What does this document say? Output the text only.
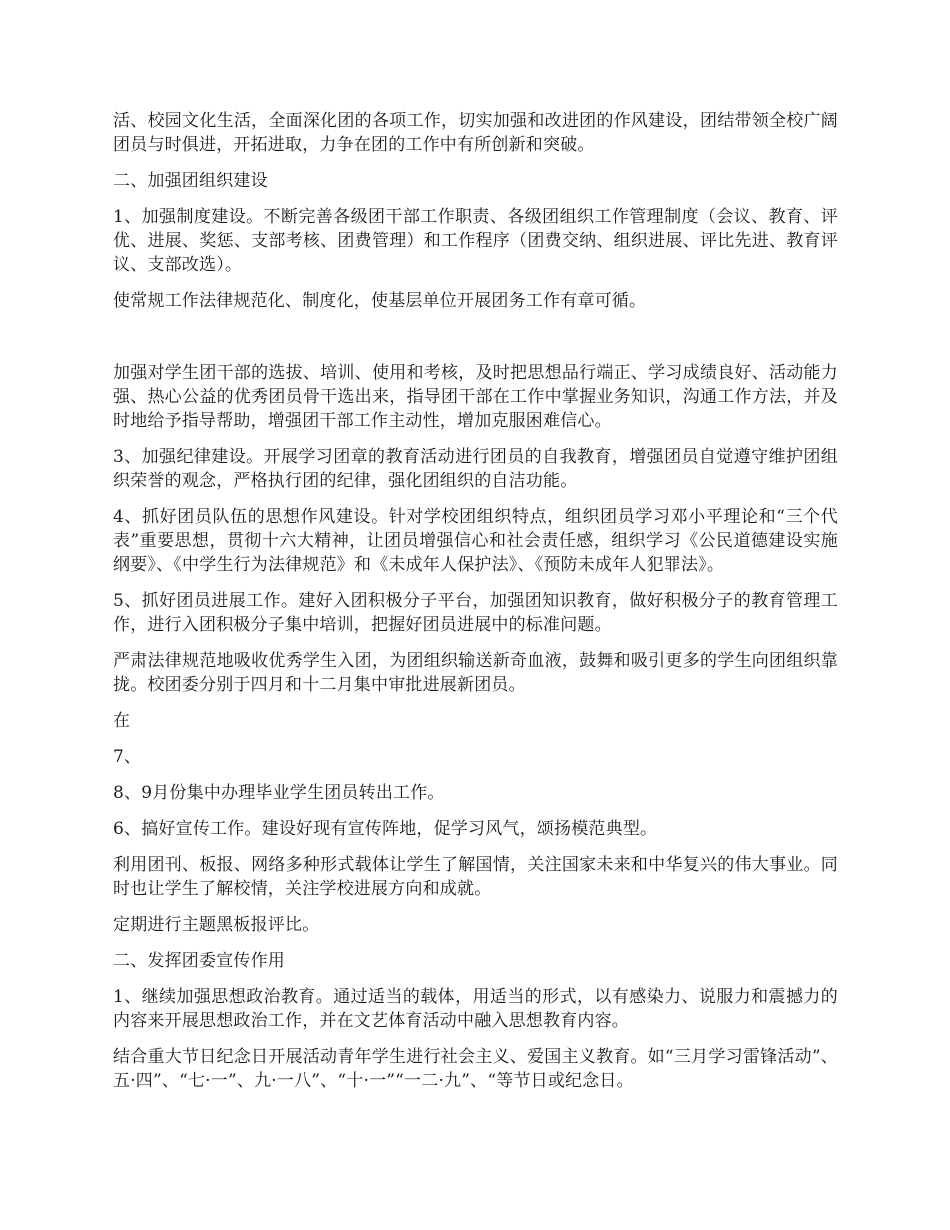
活、校园文化生活，全面深化团的各项工作，切实加强和改进团的作风建设，团结带领全校广阔团员与时俱进，开拓进取，力争在团的工作中有所创新和突破。

二、加强团组织建设

1、加强制度建设。不断完善各级团干部工作职责、各级团组织工作管理制度（会议、教育、评优、进展、奖惩、支部考核、团费管理）和工作程序（团费交纳、组织进展、评比先进、教育评议、支部改选）。

使常规工作法律规范化、制度化，使基层单位开展团务工作有章可循。

加强对学生团干部的选拔、培训、使用和考核，及时把思想品行端正、学习成绩良好、活动能力强、热心公益的优秀团员骨干选出来，指导团干部在工作中掌握业务知识，沟通工作方法，并及时地给予指导帮助，增强团干部工作主动性，增加克服困难信心。

3、加强纪律建设。开展学习团章的教育活动进行团员的自我教育，增强团员自觉遵守维护团组织荣誉的观念，严格执行团的纪律，强化团组织的自洁功能。

4、抓好团员队伍的思想作风建设。针对学校团组织特点，组织团员学习邓小平理论和“三个代表”重要思想，贯彻十六大精神，让团员增强信心和社会责任感，组织学习《公民道德建设实施纲要》、《中学生行为法律规范》和《未成年人保护法》、《预防未成年人犯罪法》。

5、抓好团员进展工作。建好入团积极分子平台，加强团知识教育，做好积极分子的教育管理工作，进行入团积极分子集中培训，把握好团员进展中的标准问题。

严肃法律规范地吸收优秀学生入团，为团组织输送新奇血液，鼓舞和吸引更多的学生向团组织靠拢。校团委分别于四月和十二月集中审批进展新团员。

在

7、

8、9月份集中办理毕业学生团员转出工作。

6、搞好宣传工作。建设好现有宣传阵地，促学习风气，颂扬模范典型。

利用团刊、板报、网络多种形式载体让学生了解国情，关注国家未来和中华复兴的伟大事业。同时也让学生了解校情，关注学校进展方向和成就。

定期进行主题黑板报评比。

二、发挥团委宣传作用

1、继续加强思想政治教育。通过适当的载体，用适当的形式，以有感染力、说服力和震撼力的内容来开展思想政治工作，并在文艺体育活动中融入思想教育内容。

结合重大节日纪念日开展活动青年学生进行社会主义、爱国主义教育。如“三月学习雷锋活动”、五·四”、“七·一”、九·一八”、“十·一”“一二·九”、“等节日或纪念日。
